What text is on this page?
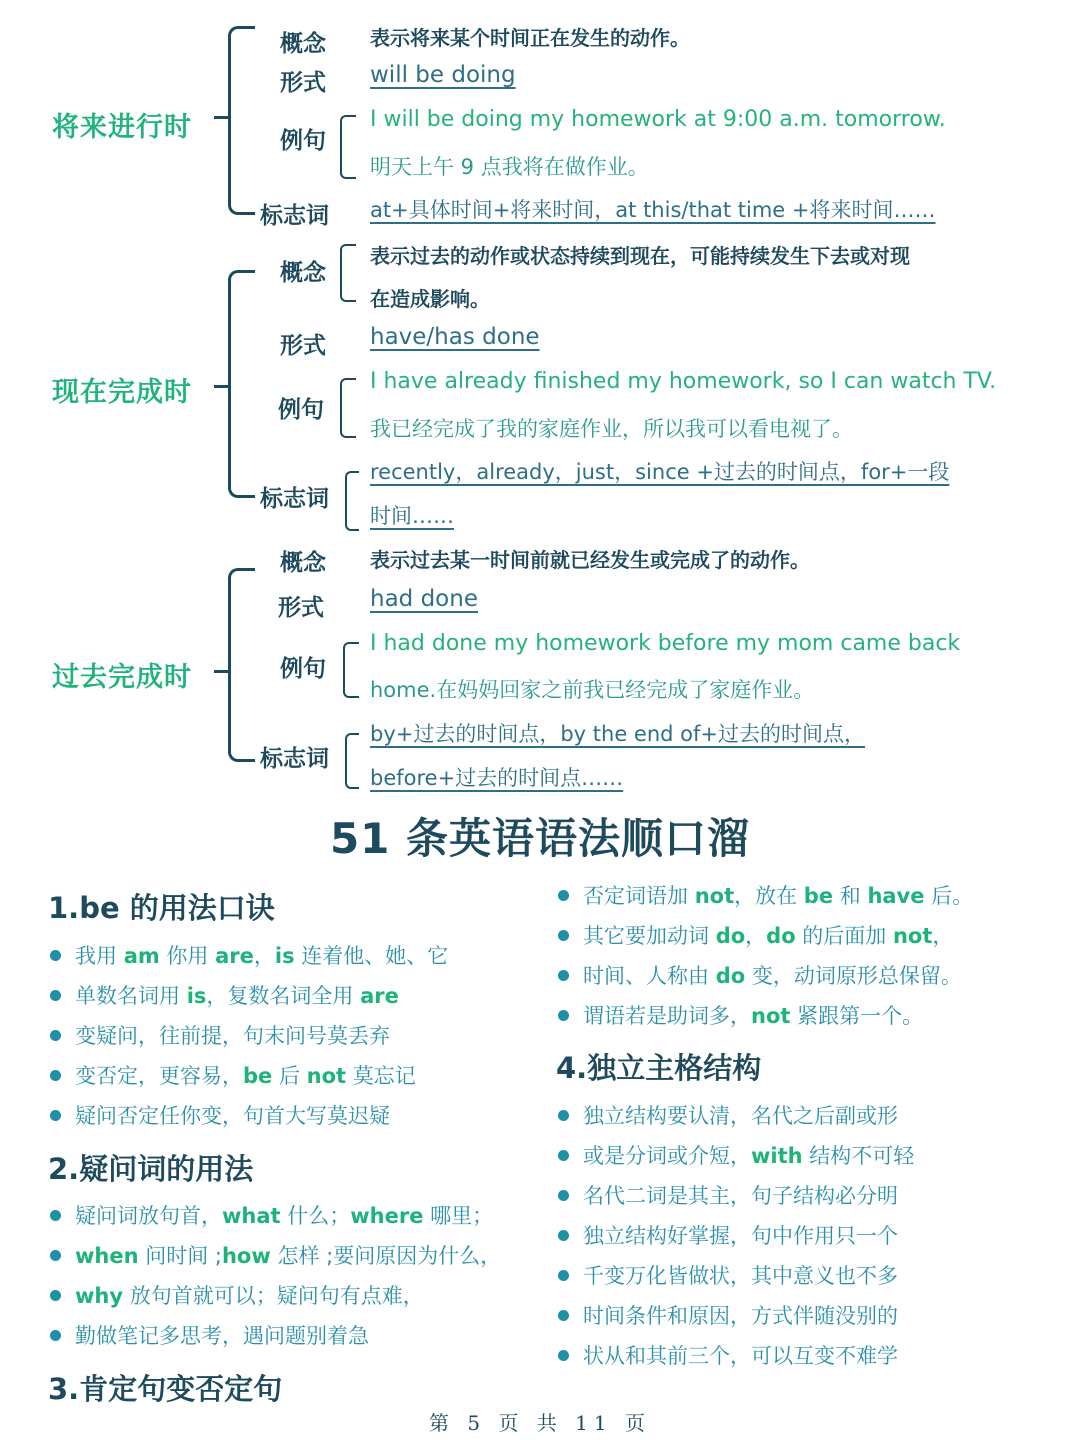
将来进行时
概念 表示将来某个时间正在发生的动作。
形式 will be doing
例句
I will be doing my homework at 9:00 a.m. tomorrow.
明天上午 9 点我将在做作业。
标志词 at+具体时间+将来时间，at this/that time +将来时间……
现在完成时
概念
表示过去的动作或状态持续到现在，可能持续发生下去或对现
在造成影响。
形式 have/has done
例句
I have already finished my homework, so I can watch TV.
我已经完成了我的家庭作业，所以我可以看电视了。
标志词
recently，already，just，since +过去的时间点，for+一段
时间……
过去完成时
概念 表示过去某一时间前就已经发生或完成了的动作。
形式 had done
例句
I had done my homework before my mom came back
home.在妈妈回家之前我已经完成了家庭作业。
标志词
by+过去的时间点，by the end of+过去的时间点，
before+过去的时间点……
51 条英语语法顺口溜
1.be 的用法口诀
我用 am 你用 are，is 连着他、她、它
单数名词用 is，复数名词全用 are
变疑问，往前提，句末问号莫丢弃
变否定，更容易，be 后 not 莫忘记
疑问否定任你变，句首大写莫迟疑
2.疑问词的用法
疑问词放句首，what 什么；where 哪里；
when 问时间 ;how 怎样 ;要问原因为什么，
why 放句首就可以；疑问句有点难，
勤做笔记多思考，遇问题别着急
3.肯定句变否定句
否定词语加 not，放在 be 和 have 后。
其它要加动词 do，do 的后面加 not，
时间、人称由 do 变，动词原形总保留。
谓语若是助词多，not 紧跟第一个。
4.独立主格结构
独立结构要认清，名代之后副或形
或是分词或介短，with 结构不可轻
名代二词是其主，句子结构必分明
独立结构好掌握，句中作用只一个
千变万化皆做状，其中意义也不多
时间条件和原因，方式伴随没别的
状从和其前三个，可以互变不难学
第 5 页 共 11 页
